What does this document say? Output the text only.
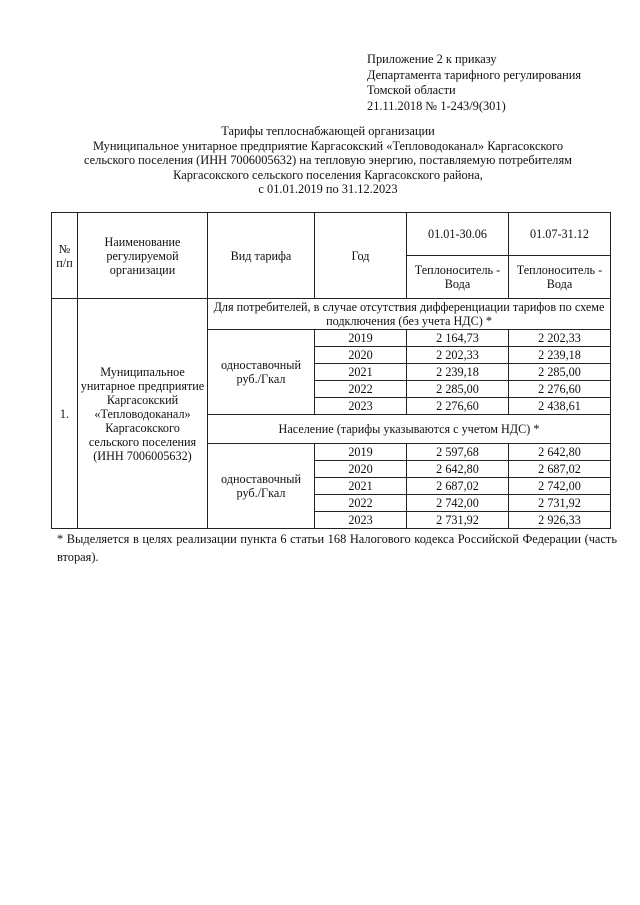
Приложение 2 к приказу
Департамента тарифного регулирования
Томской области
21.11.2018 № 1-243/9(301)
Тарифы теплоснабжающей организации
Муниципальное унитарное предприятие Каргасокский «Тепловодоканал» Каргасокского
сельского поселения (ИНН 7006005632) на тепловую энергию, поставляемую потребителям
Каргасокского сельского поселения Каргасокского района,
с 01.01.2019 по 31.12.2023
№ п/п	Наименование регулируемой организации	Вид тарифа	Год	01.01-30.06	01.07-31.12
				Теплоноситель - Вода	Теплоноситель - Вода
1.	Муниципальное унитарное предприятие Каргасокский «Тепловодоканал» Каргасокского сельского поселения (ИНН 7006005632)	Для потребителей, в случае отсутствия дифференциации тарифов по схеме подключения (без учета НДС) *			
		одноставочный руб./Гкал	2019	2 164,73	2 202,33
			2020	2 202,33	2 239,18
			2021	2 239,18	2 285,00
			2022	2 285,00	2 276,60
			2023	2 276,60	2 438,61
		Население (тарифы указываются с учетом НДС) *			
		одноставочный руб./Гкал	2019	2 597,68	2 642,80
			2020	2 642,80	2 687,02
			2021	2 687,02	2 742,00
			2022	2 742,00	2 731,92
			2023	2 731,92	2 926,33
* Выделяется в целях реализации пункта 6 статьи 168 Налогового кодекса Российской Федерации (часть вторая).
